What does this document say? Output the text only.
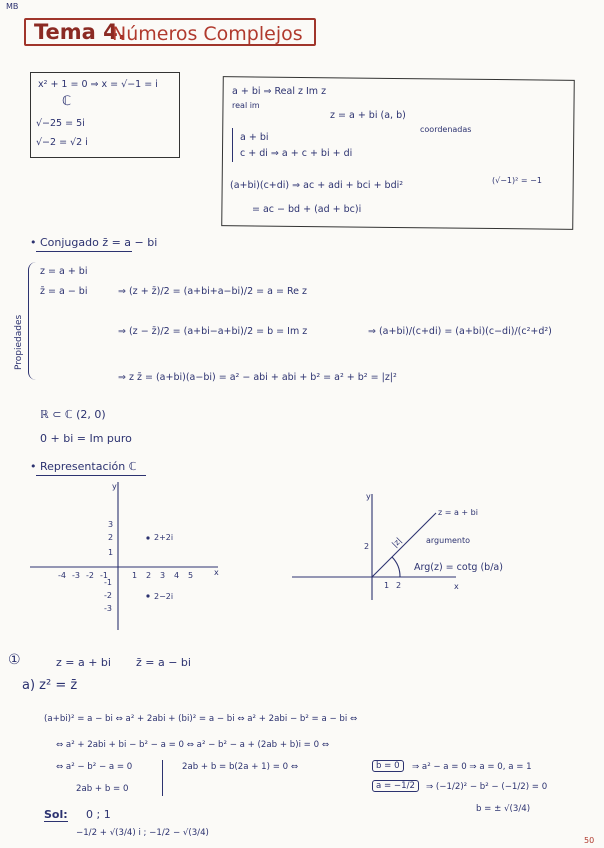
MB
50
Tema 4.
Números Complejos
x² + 1 = 0 ⇒ x = √−1 = i
ℂ
√−25 = 5i
√−2 = √2 i
a + bi ⇒ Real z Im z
real im
z = a + bi (a, b)
coordenadas
a + bi
c + di ⇒ a + c + bi + di
(a+bi)(c+di) ⇒ ac + adi + bci + bdi²	(√−1)² = −1
= ac − bd + (ad + bc)i
• Conjugado z̄ = a − bi
Propiedades
z = a + bi
z̄ = a − bi	⇒ (z + z̄)/2 = (a+bi+a−bi)/2 = a = Re z
⇒ (z − z̄)/2 = (a+bi−a+bi)/2 = b = Im z	⇒ (a+bi)/(c+di) = (a+bi)(c−di)/(c²+d²)
⇒ z z̄ = (a+bi)(a−bi) = a² − abi + abi + b² = a² + b² = |z|²
ℝ ⊂ ℂ (2, 0)
0 + bi = Im puro
• Representación ℂ
y
x
2+2i
2−2i
-4 -3 -2 -1	1 2 3 4 5
3
2
1
-1
-2
-3
y
x
z = a + bi
|z|	argumento
Arg(z) = cotg (b/a)
1 2
2
①	z = a + bi z̄ = a − bi
a) z² = z̄
(a+bi)² = a − bi ⇔ a² + 2abi + (bi)² = a − bi ⇔ a² + 2abi − b² = a − bi ⇔
⇔ a² + 2abi + bi − b² − a = 0 ⇔ a² − b² − a + (2ab + b)i = 0 ⇔
⇔ a² − b² − a = 0
2ab + b = 0
2ab + b = b(2a + 1) = 0 ⇔	b = 0	⇒ a² − a = 0 ⇒ a = 0, a = 1
a = −1/2	⇒ (−1/2)² − b² − (−1/2) = 0
b = ± √(3/4)
Sol: 0 ; 1
−1/2 + √(3/4) i ; −1/2 − √(3/4)
